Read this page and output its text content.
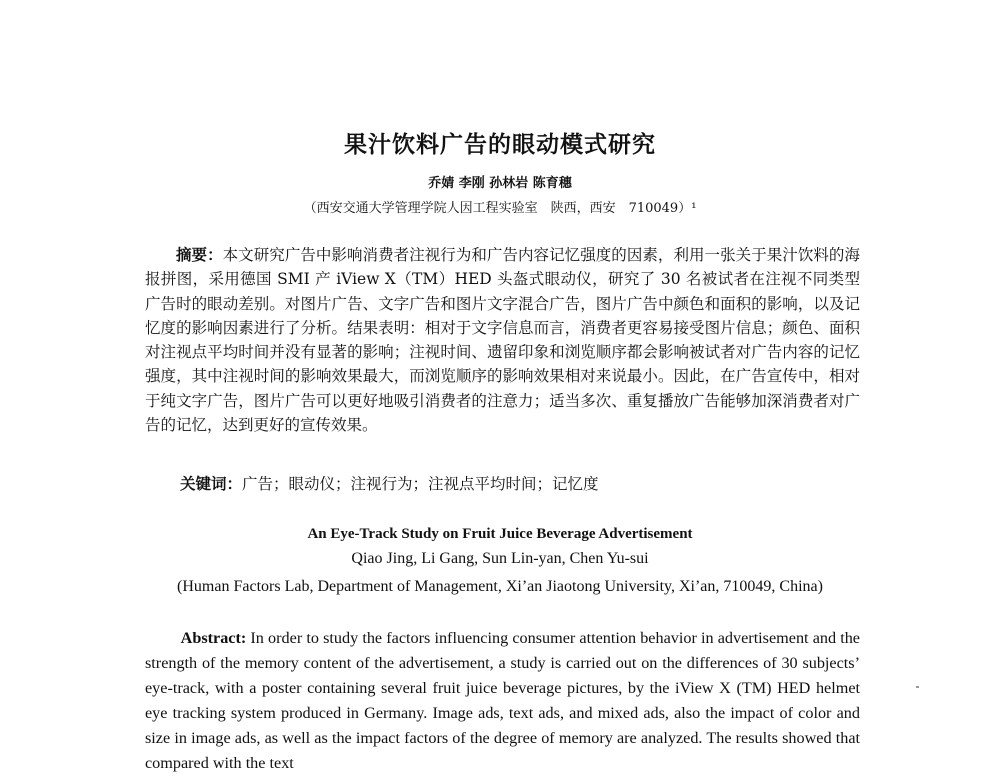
果汁饮料广告的眼动模式研究
乔婧 李刚 孙林岩 陈育穗
（西安交通大学管理学院人因工程实验室　陕西，西安　710049）¹

摘要：本文研究广告中影响消费者注视行为和广告内容记忆强度的因素，利用一张关于果汁饮料的海报拼图，采用德国 SMI 产 iView X（TM）HED 头盔式眼动仪，研究了 30 名被试者在注视不同类型广告时的眼动差别。对图片广告、文字广告和图片文字混合广告，图片广告中颜色和面积的影响，以及记忆度的影响因素进行了分析。结果表明：相对于文字信息而言，消费者更容易接受图片信息；颜色、面积对注视点平均时间并没有显著的影响；注视时间、遗留印象和浏览顺序都会影响被试者对广告内容的记忆强度，其中注视时间的影响效果最大，而浏览顺序的影响效果相对来说最小。因此，在广告宣传中，相对于纯文字广告，图片广告可以更好地吸引消费者的注意力；适当多次、重复播放广告能够加深消费者对广告的记忆，达到更好的宣传效果。

关键词：广告；眼动仪；注视行为；注视点平均时间；记忆度

An Eye-Track Study on Fruit Juice Beverage Advertisement
Qiao Jing, Li Gang, Sun Lin-yan, Chen Yu-sui

(Human Factors Lab, Department of Management, Xi’an Jiaotong University, Xi’an, 710049, China)

Abstract: In order to study the factors influencing consumer attention behavior in advertisement and the strength of the memory content of the advertisement, a study is carried out on the differences of 30 subjects’ eye-track, with a poster containing several fruit juice beverage pictures, by the iView X (TM) HED helmet eye tracking system produced in Germany. Image ads, text ads, and mixed ads, also the impact of color and size in image ads, as well as the impact factors of the degree of memory are analyzed. The results showed that compared with the text
